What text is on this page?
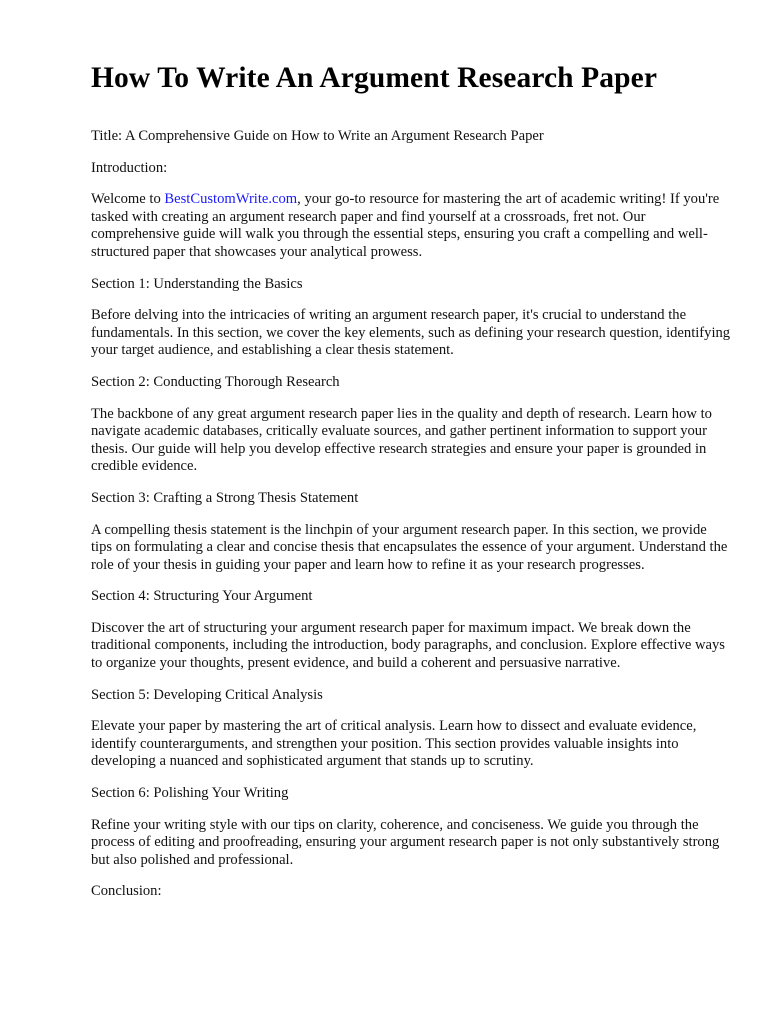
How To Write An Argument Research Paper

Title: A Comprehensive Guide on How to Write an Argument Research Paper

Introduction:

Welcome to BestCustomWrite.com, your go-to resource for mastering the art of academic writing! If you're tasked with creating an argument research paper and find yourself at a crossroads, fret not. Our comprehensive guide will walk you through the essential steps, ensuring you craft a compelling and well-structured paper that showcases your analytical prowess.

Section 1: Understanding the Basics

Before delving into the intricacies of writing an argument research paper, it's crucial to understand the fundamentals. In this section, we cover the key elements, such as defining your research question, identifying your target audience, and establishing a clear thesis statement.

Section 2: Conducting Thorough Research

The backbone of any great argument research paper lies in the quality and depth of research. Learn how to navigate academic databases, critically evaluate sources, and gather pertinent information to support your thesis. Our guide will help you develop effective research strategies and ensure your paper is grounded in credible evidence.

Section 3: Crafting a Strong Thesis Statement

A compelling thesis statement is the linchpin of your argument research paper. In this section, we provide tips on formulating a clear and concise thesis that encapsulates the essence of your argument. Understand the role of your thesis in guiding your paper and learn how to refine it as your research progresses.

Section 4: Structuring Your Argument

Discover the art of structuring your argument research paper for maximum impact. We break down the traditional components, including the introduction, body paragraphs, and conclusion. Explore effective ways to organize your thoughts, present evidence, and build a coherent and persuasive narrative.

Section 5: Developing Critical Analysis

Elevate your paper by mastering the art of critical analysis. Learn how to dissect and evaluate evidence, identify counterarguments, and strengthen your position. This section provides valuable insights into developing a nuanced and sophisticated argument that stands up to scrutiny.

Section 6: Polishing Your Writing

Refine your writing style with our tips on clarity, coherence, and conciseness. We guide you through the process of editing and proofreading, ensuring your argument research paper is not only substantively strong but also polished and professional.

Conclusion:
